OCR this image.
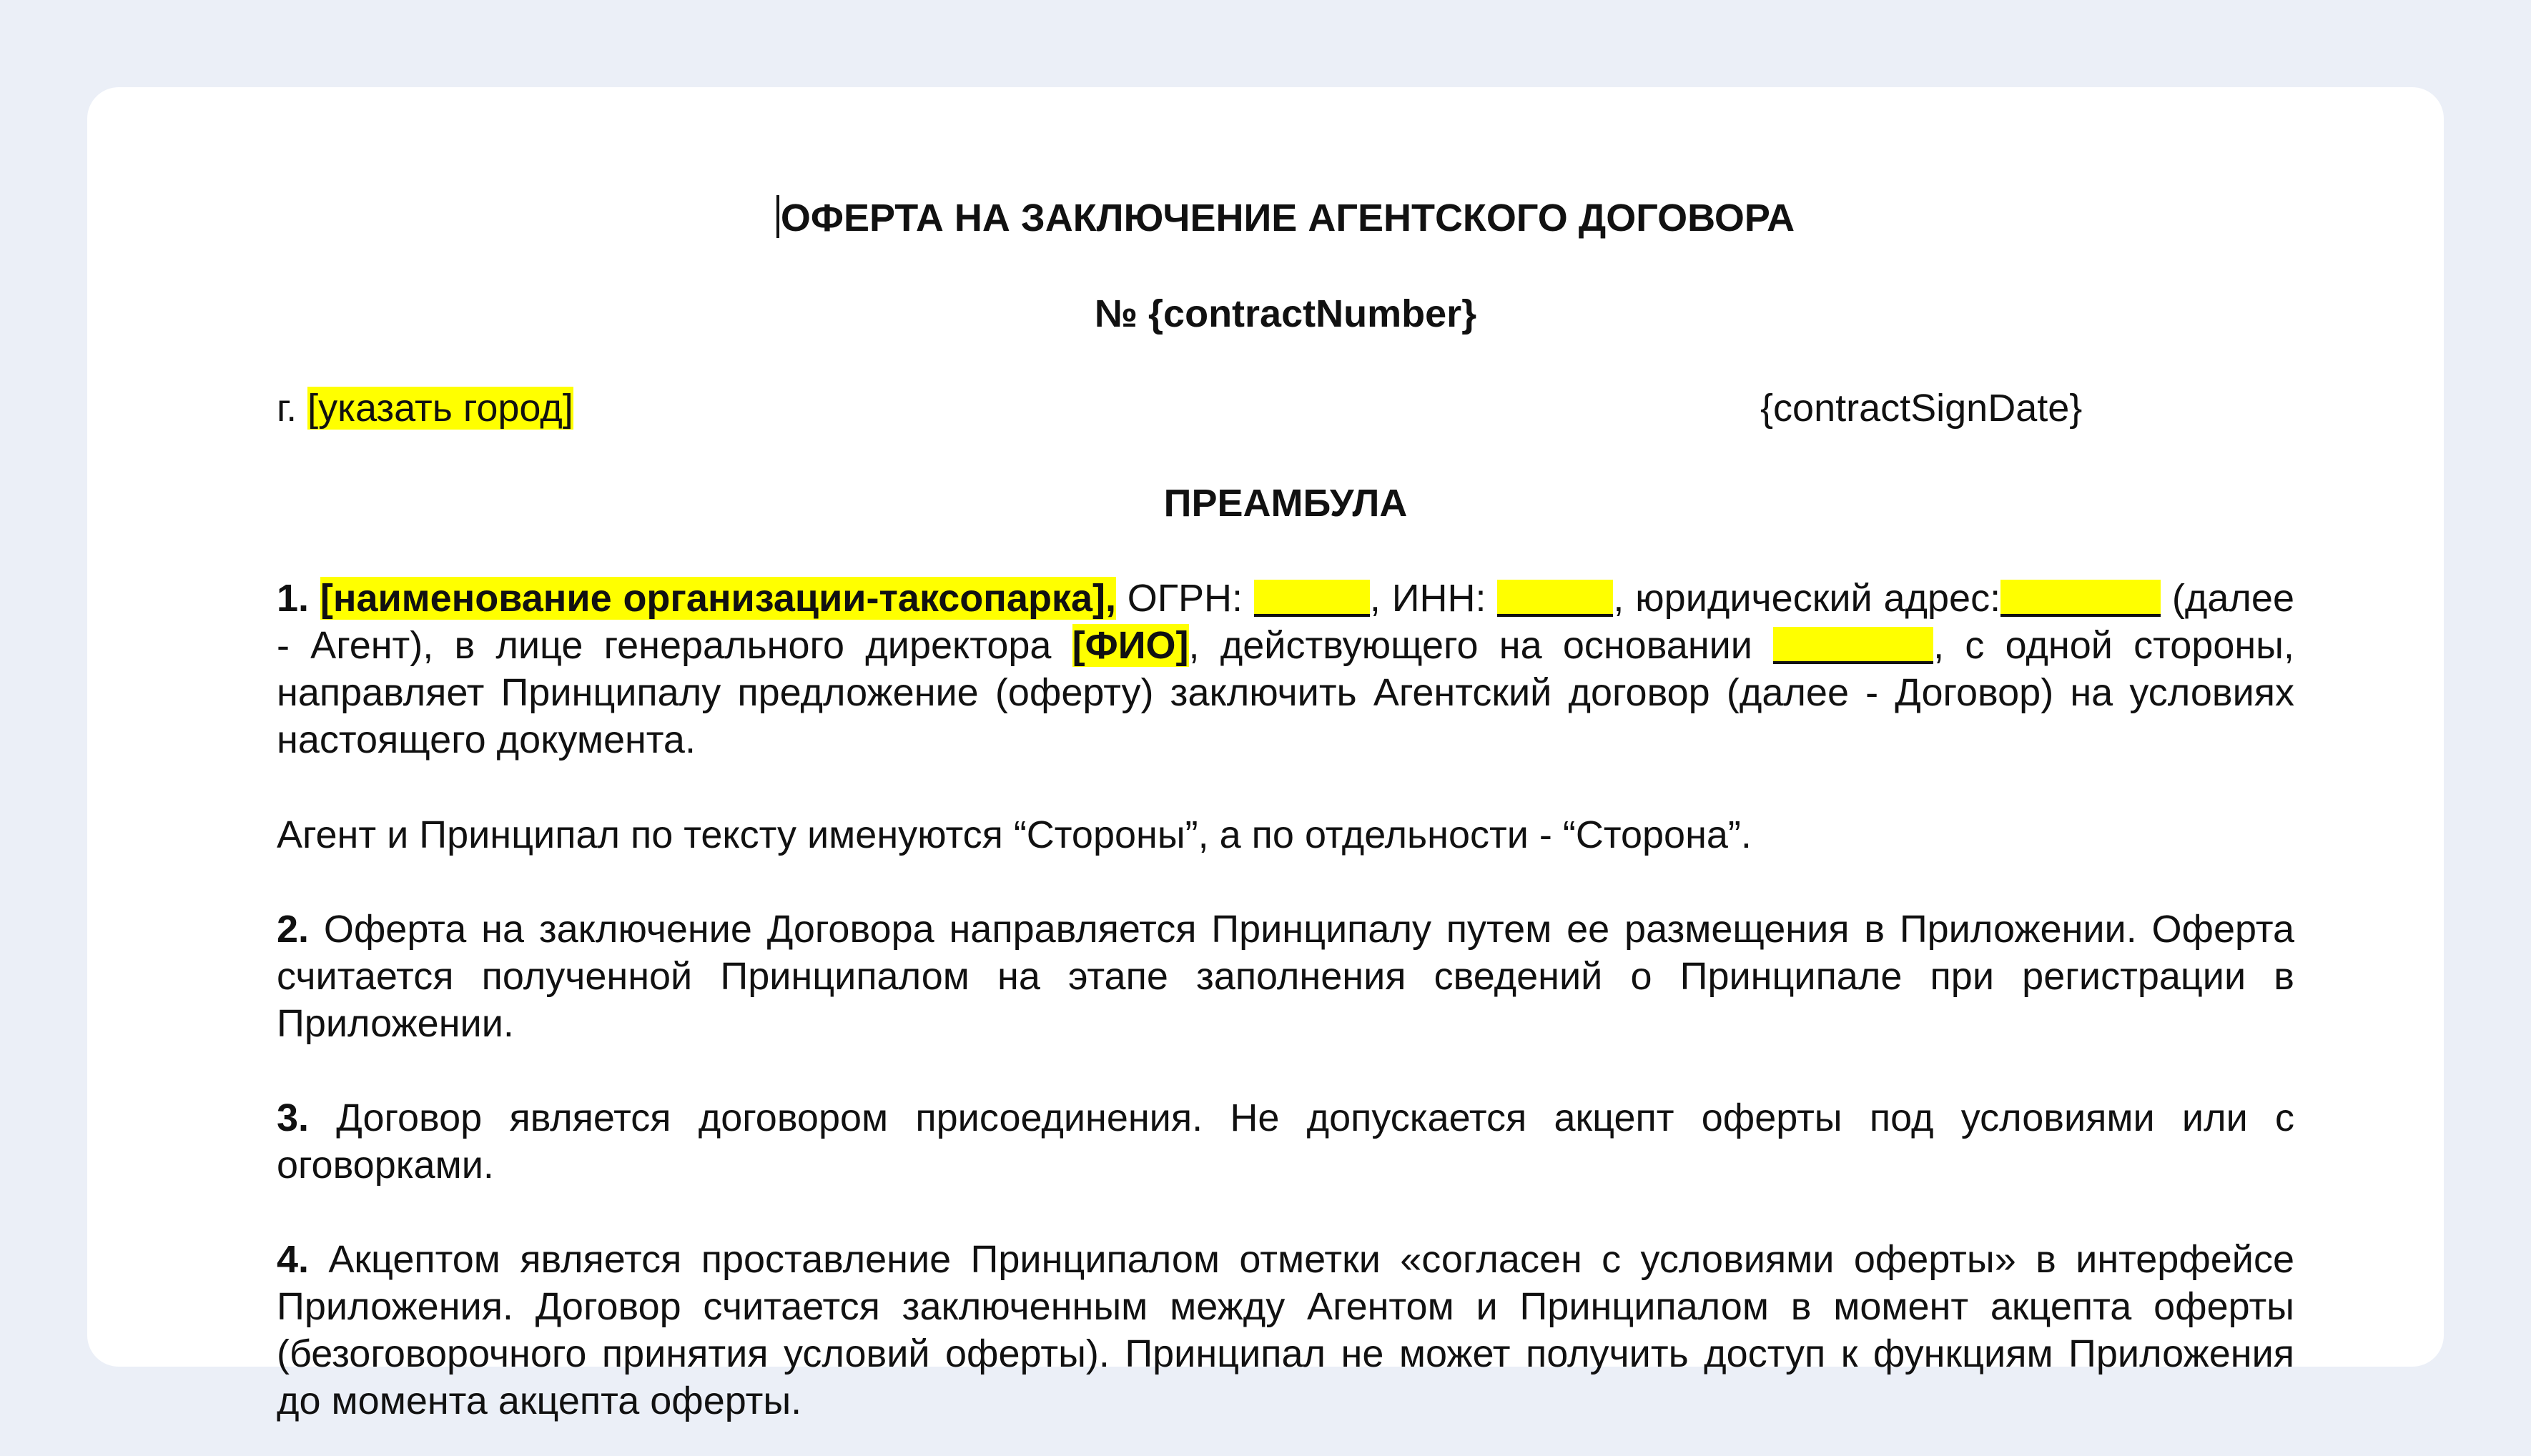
ОФЕРТА НА ЗАКЛЮЧЕНИЕ АГЕНТСКОГО ДОГОВОРА
№ {contractNumber}
г. [указать город]	{contractSignDate}
ПРЕАМБУЛА
1. [наименование организации-таксопарка], ОГРН:	, ИНН:	, юридический адрес:	(далее - Агент), в лице генерального директора [ФИО], действующего на основании	, с одной стороны, направляет Принципалу предложение (оферту) заключить Агентский договор (далее - Договор) на условиях настоящего документа.
Агент и Принципал по тексту именуются “Стороны”, а по отдельности - “Сторона”.
2. Оферта на заключение Договора направляется Принципалу путем ее размещения в Приложении. Оферта считается полученной Принципалом на этапе заполнения сведений о Принципале при регистрации в Приложении.
3. Договор является договором присоединения. Не допускается акцепт оферты под условиями или с оговорками.
4. Акцептом является проставление Принципалом отметки «согласен с условиями оферты» в интерфейсе Приложения. Договор считается заключенным между Агентом и Принципалом в момент акцепта оферты (безоговорочного принятия условий оферты). Принципал не может получить доступ к функциям Приложения до момента акцепта оферты.
